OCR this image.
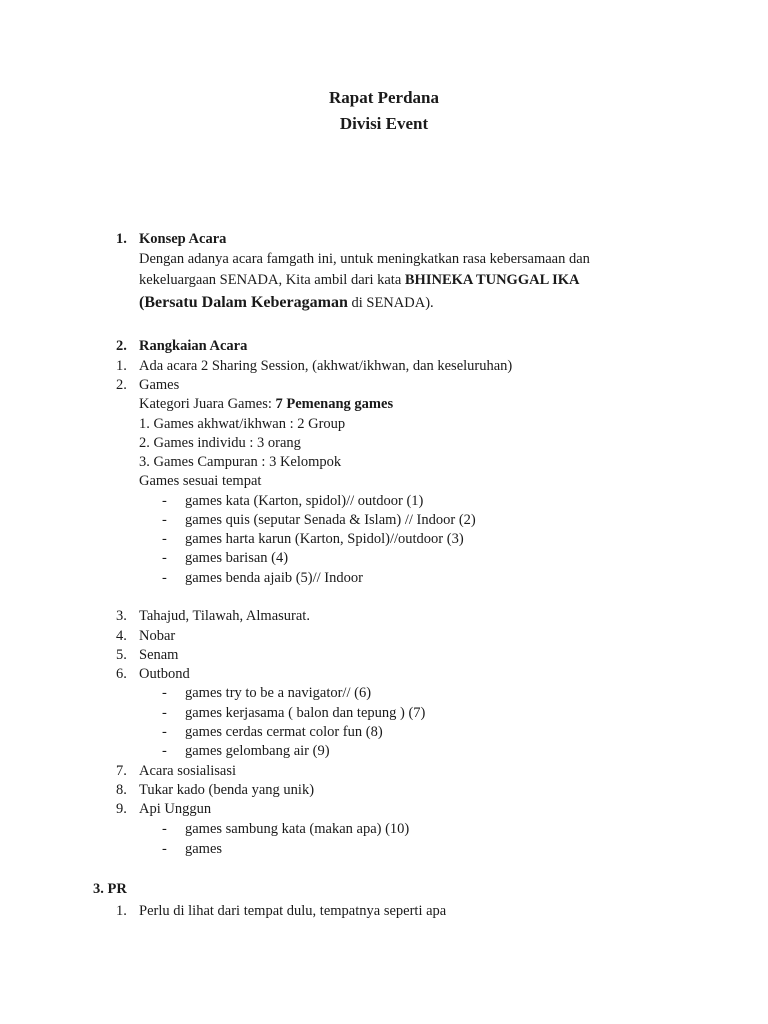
Rapat Perdana
Divisi Event
1. Konsep Acara
Dengan adanya acara famgath ini, untuk meningkatkan rasa kebersamaan dan
kekeluargaan SENADA, Kita ambil dari kata BHINEKA TUNGGAL IKA
(Bersatu Dalam Keberagaman di SENADA).
2. Rangkaian Acara
1. Ada acara 2 Sharing Session, (akhwat/ikhwan, dan keseluruhan)
2. Games
Kategori Juara Games: 7 Pemenang games
1. Games akhwat/ikhwan : 2 Group
2. Games individu : 3 orang
3. Games Campuran : 3 Kelompok
Games sesuai tempat
- games kata (Karton, spidol)// outdoor (1)
- games quis (seputar Senada & Islam) // Indoor (2)
- games harta karun (Karton, Spidol)//outdoor (3)
- games barisan (4)
- games benda ajaib (5)// Indoor
3. Tahajud, Tilawah, Almasurat.
4. Nobar
5. Senam
6. Outbond
- games try to be a navigator// (6)
- games kerjasama ( balon dan tepung ) (7)
- games cerdas cermat color fun (8)
- games gelombang air (9)
7. Acara sosialisasi
8. Tukar kado (benda yang unik)
9. Api Unggun
- games sambung kata (makan apa) (10)
- games
3. PR
1. Perlu di lihat dari tempat dulu, tempatnya seperti apa
